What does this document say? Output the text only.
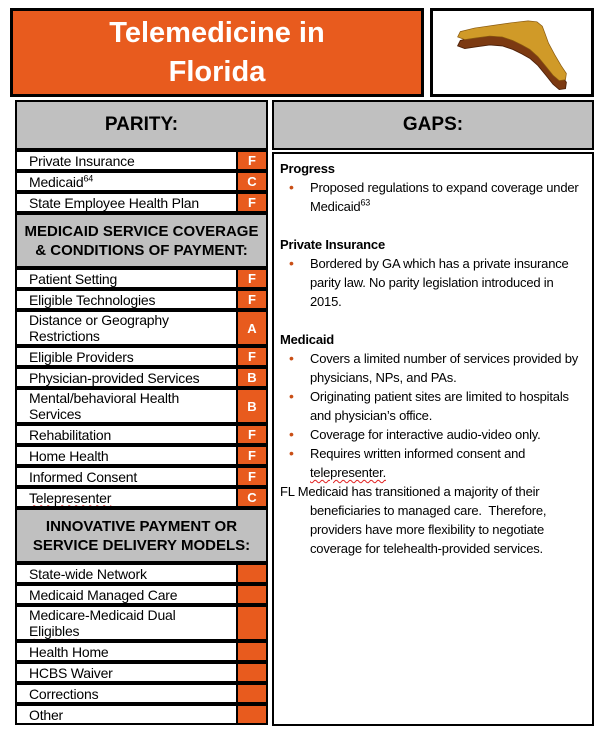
Telemedicine in
Florida
PARITY:
Private Insurance	F
Medicaid$^{64}$	C
State Employee Health Plan	F
MEDICAID SERVICE COVERAGE & CONDITIONS OF PAYMENT:
Patient Setting	F
Eligible Technologies	F
Distance or Geography Restrictions	A
Eligible Providers	F
Physician-provided Services	B
Mental/behavioral Health Services	B
Rehabilitation	F
Home Health	F
Informed Consent	F
Telepresenter	C
INNOVATIVE PAYMENT OR SERVICE DELIVERY MODELS:
State-wide Network
Medicaid Managed Care
Medicare-Medicaid Dual Eligibles
Health Home
HCBS Waiver
Corrections
Other
GAPS:
Progress
• Proposed regulations to expand coverage under Medicaid$^{63}$
Private Insurance
• Bordered by GA which has a private insurance parity law. No parity legislation introduced in 2015.
Medicaid
• Covers a limited number of services provided by physicians, NPs, and PAs.
• Originating patient sites are limited to hospitals and physician’s office.
• Coverage for interactive audio-video only.
• Requires written informed consent and telepresenter.
FL Medicaid has transitioned a majority of their beneficiaries to managed care.  Therefore, providers have more flexibility to negotiate coverage for telehealth-provided services.
